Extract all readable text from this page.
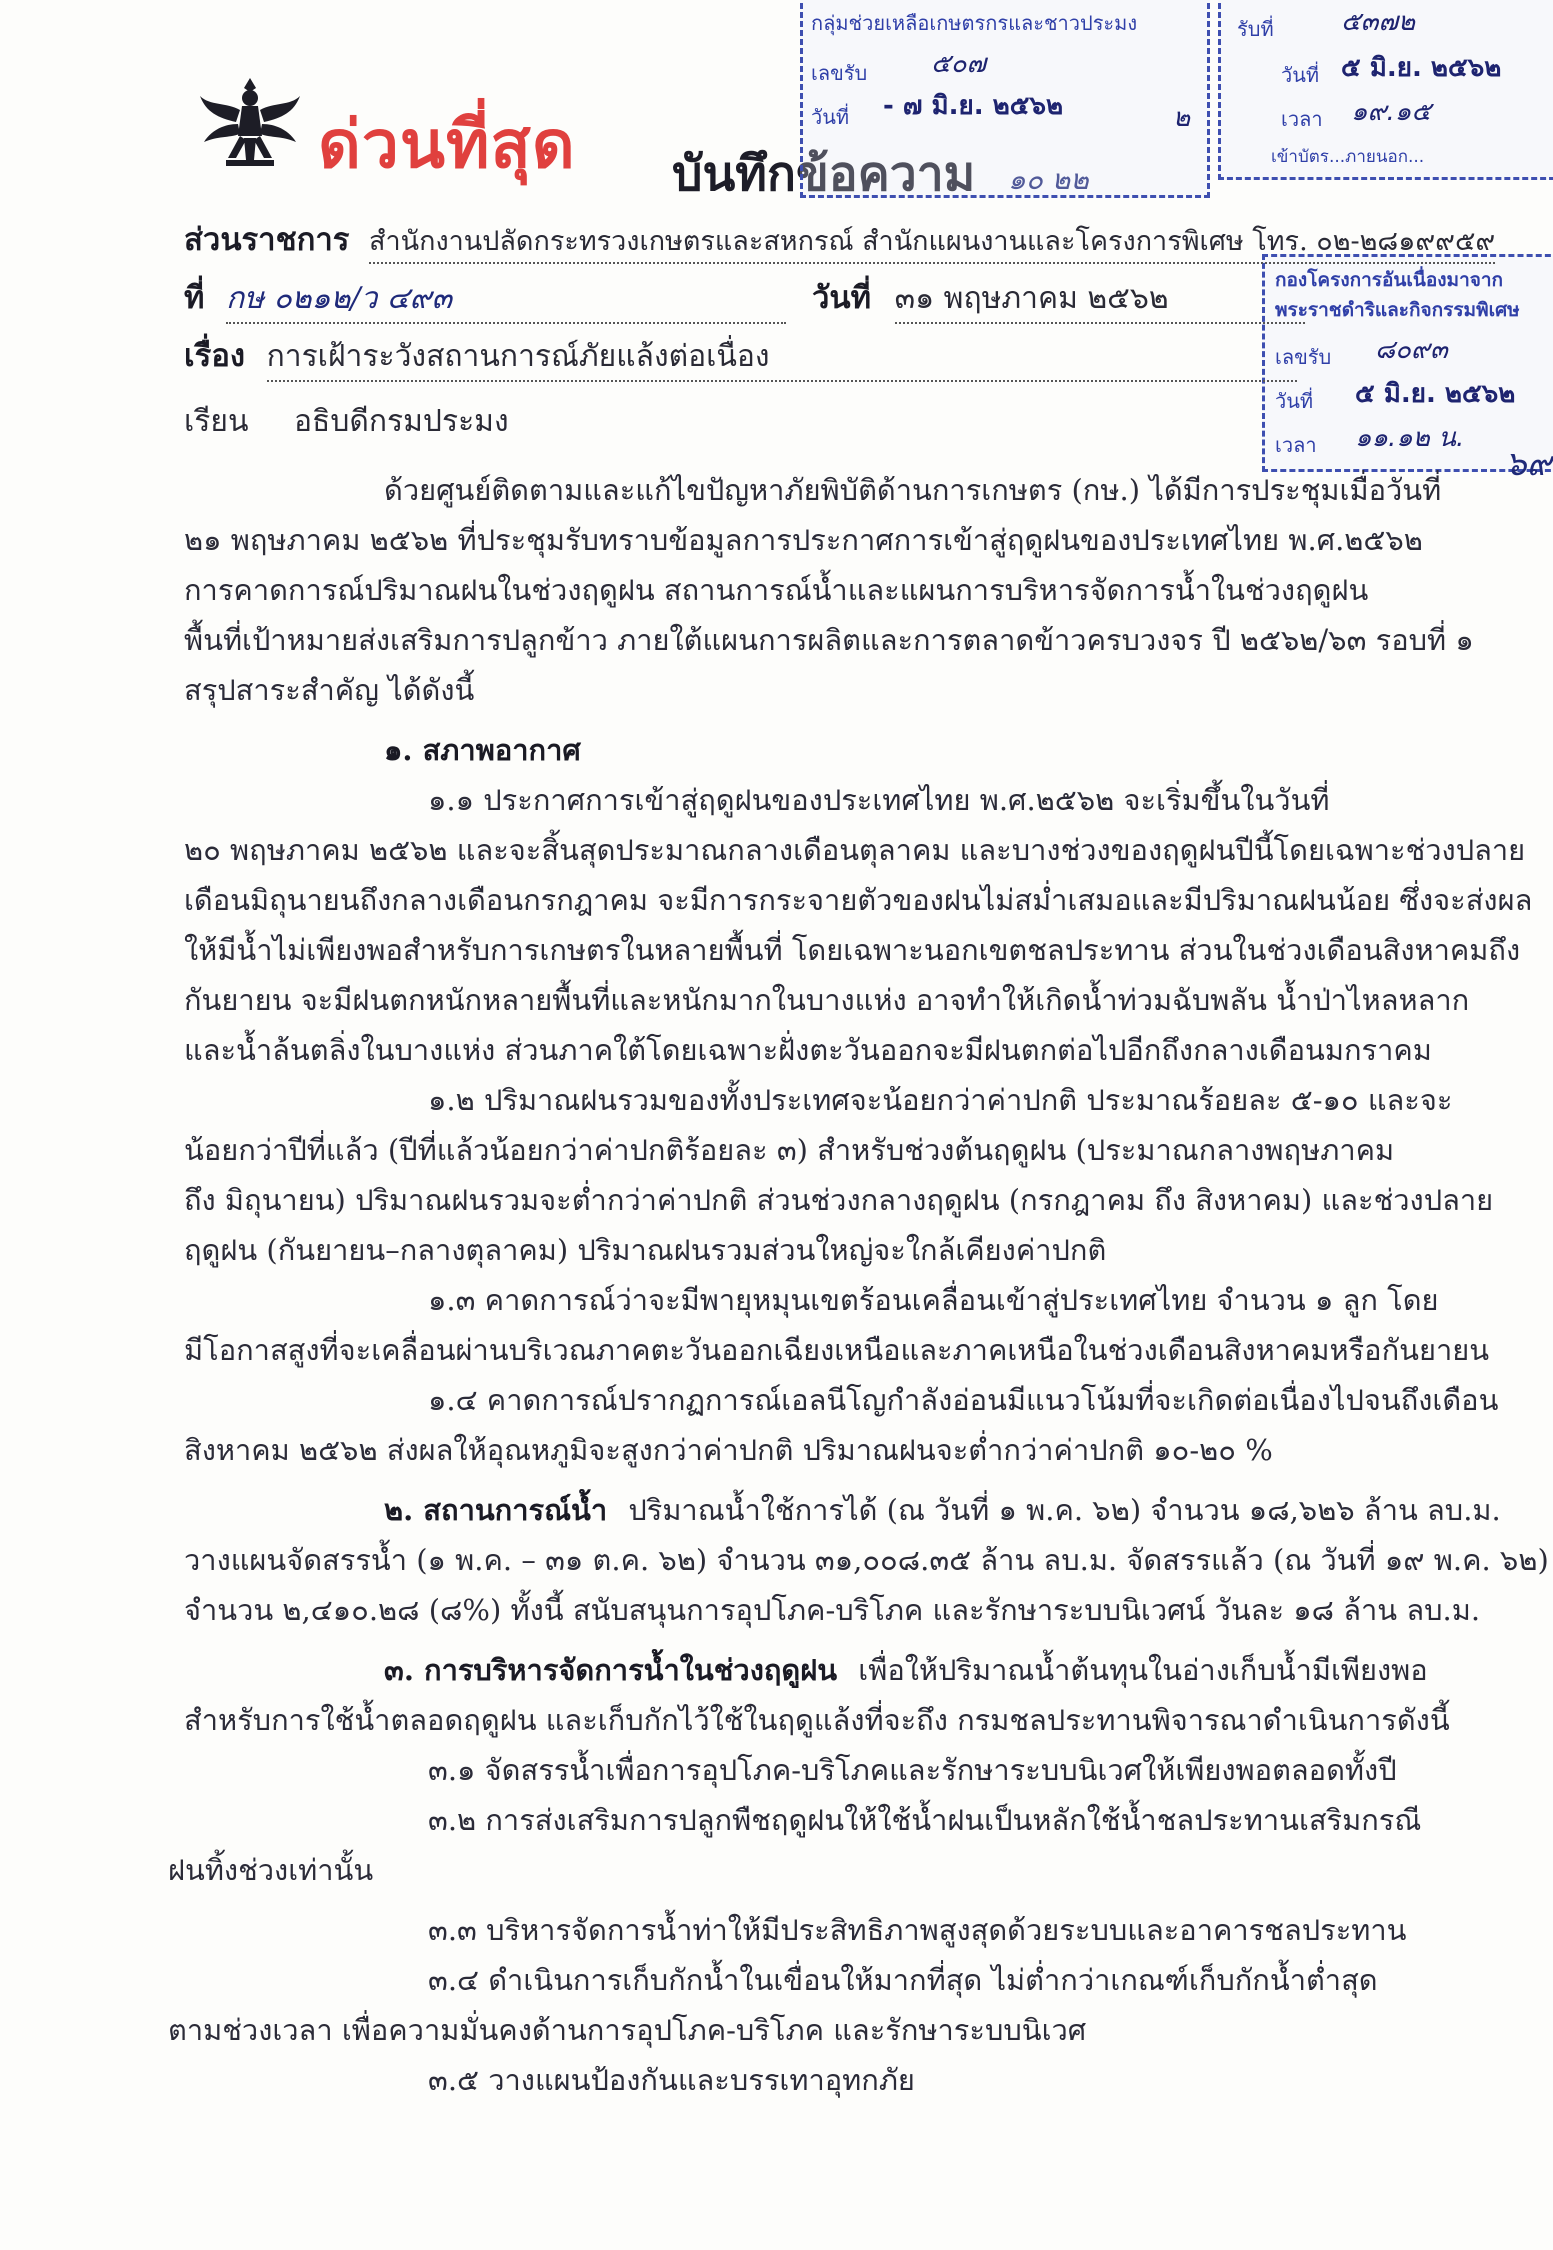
ด่วนที่สุด บันทึกข้อความ ๑๐ ๒๒
กลุ่มช่วยเหลือเกษตรกรและชาวประมง
เลขรับ ๕๐๗
วันที่ - ๗ มิ.ย. ๒๕๖๒	๒
รับที่	๕๓๗๒
วันที่ ๕ มิ.ย. ๒๕๖๒
เวลา ๑๙.๑๕
เข้าบัตร...ภายนอก...
กองโครงการอันเนื่องมาจาก
พระราชดำริและกิจกรรมพิเศษ
เลขรับ ๘๐๙๓
วันที่ ๕ มิ.ย. ๒๕๖๒
เวลา ๑๑.๑๒ น.
ส่วนราชการ สำนักงานปลัดกระทรวงเกษตรและสหกรณ์ สำนักแผนงานและโครงการพิเศษ โทร. ๐๒-๒๘๑๙๙๕๙
ที่ กษ ๐๒๑๒/ว ๔๙๓	วันที่ ๓๑ พฤษภาคม ๒๕๖๒
เรื่อง การเฝ้าระวังสถานการณ์ภัยแล้งต่อเนื่อง
เรียน อธิบดีกรมประมง
ด้วยศูนย์ติดตามและแก้ไขปัญหาภัยพิบัติด้านการเกษตร (กษ.) ได้มีการประชุมเมื่อวันที่
๒๑ พฤษภาคม ๒๕๖๒ ที่ประชุมรับทราบข้อมูลการประกาศการเข้าสู่ฤดูฝนของประเทศไทย พ.ศ.๒๕๖๒
การคาดการณ์ปริมาณฝนในช่วงฤดูฝน สถานการณ์น้ำและแผนการบริหารจัดการน้ำในช่วงฤดูฝน
พื้นที่เป้าหมายส่งเสริมการปลูกข้าว ภายใต้แผนการผลิตและการตลาดข้าวครบวงจร ปี ๒๕๖๒/๖๓ รอบที่ ๑
สรุปสาระสำคัญ ได้ดังนี้
๑. สภาพอากาศ
๑.๑ ประกาศการเข้าสู่ฤดูฝนของประเทศไทย พ.ศ.๒๕๖๒ จะเริ่มขึ้นในวันที่
๒๐ พฤษภาคม ๒๕๖๒ และจะสิ้นสุดประมาณกลางเดือนตุลาคม และบางช่วงของฤดูฝนปีนี้โดยเฉพาะช่วงปลาย
เดือนมิถุนายนถึงกลางเดือนกรกฎาคม จะมีการกระจายตัวของฝนไม่สม่ำเสมอและมีปริมาณฝนน้อย ซึ่งจะส่งผล
ให้มีน้ำไม่เพียงพอสำหรับการเกษตรในหลายพื้นที่ โดยเฉพาะนอกเขตชลประทาน ส่วนในช่วงเดือนสิงหาคมถึง
กันยายน จะมีฝนตกหนักหลายพื้นที่และหนักมากในบางแห่ง อาจทำให้เกิดน้ำท่วมฉับพลัน น้ำป่าไหลหลาก
และน้ำล้นตลิ่งในบางแห่ง ส่วนภาคใต้โดยเฉพาะฝั่งตะวันออกจะมีฝนตกต่อไปอีกถึงกลางเดือนมกราคม
๑.๒ ปริมาณฝนรวมของทั้งประเทศจะน้อยกว่าค่าปกติ ประมาณร้อยละ ๕-๑๐ และจะ
น้อยกว่าปีที่แล้ว (ปีที่แล้วน้อยกว่าค่าปกติร้อยละ ๓) สำหรับช่วงต้นฤดูฝน (ประมาณกลางพฤษภาคม
ถึง มิถุนายน) ปริมาณฝนรวมจะต่ำกว่าค่าปกติ ส่วนช่วงกลางฤดูฝน (กรกฎาคม ถึง สิงหาคม) และช่วงปลาย
ฤดูฝน (กันยายน–กลางตุลาคม) ปริมาณฝนรวมส่วนใหญ่จะใกล้เคียงค่าปกติ
๑.๓ คาดการณ์ว่าจะมีพายุหมุนเขตร้อนเคลื่อนเข้าสู่ประเทศไทย จำนวน ๑ ลูก โดย
มีโอกาสสูงที่จะเคลื่อนผ่านบริเวณภาคตะวันออกเฉียงเหนือและภาคเหนือในช่วงเดือนสิงหาคมหรือกันยายน
๑.๔ คาดการณ์ปรากฏการณ์เอลนีโญกำลังอ่อนมีแนวโน้มที่จะเกิดต่อเนื่องไปจนถึงเดือน
สิงหาคม ๒๕๖๒ ส่งผลให้อุณหภูมิจะสูงกว่าค่าปกติ ปริมาณฝนจะต่ำกว่าค่าปกติ ๑๐-๒๐ %
๒. สถานการณ์น้ำ ปริมาณน้ำใช้การได้ (ณ วันที่ ๑ พ.ค. ๖๒) จำนวน ๑๘,๖๒๖ ล้าน ลบ.ม.
วางแผนจัดสรรน้ำ (๑ พ.ค. – ๓๑ ต.ค. ๖๒) จำนวน ๓๑,๐๐๘.๓๕ ล้าน ลบ.ม. จัดสรรแล้ว (ณ วันที่ ๑๙ พ.ค. ๖๒)
จำนวน ๒,๔๑๐.๒๘ (๘%) ทั้งนี้ สนับสนุนการอุปโภค-บริโภค และรักษาระบบนิเวศน์ วันละ ๑๘ ล้าน ลบ.ม.
๓. การบริหารจัดการน้ำในช่วงฤดูฝน เพื่อให้ปริมาณน้ำต้นทุนในอ่างเก็บน้ำมีเพียงพอ
สำหรับการใช้น้ำตลอดฤดูฝน และเก็บกักไว้ใช้ในฤดูแล้งที่จะถึง กรมชลประทานพิจารณาดำเนินการดังนี้
๓.๑ จัดสรรน้ำเพื่อการอุปโภค-บริโภคและรักษาระบบนิเวศให้เพียงพอตลอดทั้งปี
๓.๒ การส่งเสริมการปลูกพืชฤดูฝนให้ใช้น้ำฝนเป็นหลักใช้น้ำชลประทานเสริมกรณี
ฝนทิ้งช่วงเท่านั้น
๓.๓ บริหารจัดการน้ำท่าให้มีประสิทธิภาพสูงสุดด้วยระบบและอาคารชลประทาน
๓.๔ ดำเนินการเก็บกักน้ำในเขื่อนให้มากที่สุด ไม่ต่ำกว่าเกณฑ์เก็บกักน้ำต่ำสุด
ตามช่วงเวลา เพื่อความมั่นคงด้านการอุปโภค-บริโภค และรักษาระบบนิเวศ
๓.๕ วางแผนป้องกันและบรรเทาอุทกภัย
๖๙
